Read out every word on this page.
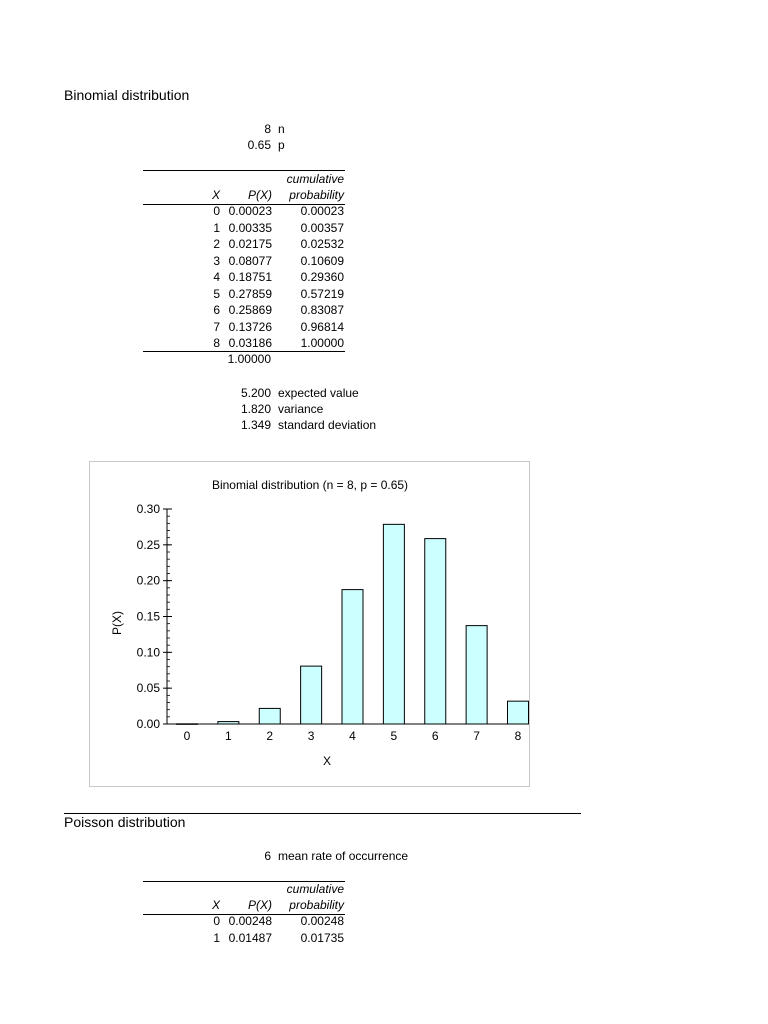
Binomial distribution
8 n
0.65 p
cumulative
X	P(X)	probability
0 0.00023	0.00023
1 0.00335	0.00357
2 0.02175	0.02532
3 0.08077	0.10609
4 0.18751	0.29360
5 0.27859	0.57219
6 0.25869	0.83087
7 0.13726	0.96814
8 0.03186	1.00000
1.00000
5.200 expected value
1.820 variance
1.349 standard deviation
Binomial distribution (n = 8, p = 0.65)
P(X)
X
0.00
0.05
0.10
0.15
0.20
0.25
0.30
0	1	2	3	4	5	6	7	8
Poisson distribution
6 mean rate of occurrence
cumulative
X	P(X)	probability
0 0.00248	0.00248
1 0.01487	0.01735
